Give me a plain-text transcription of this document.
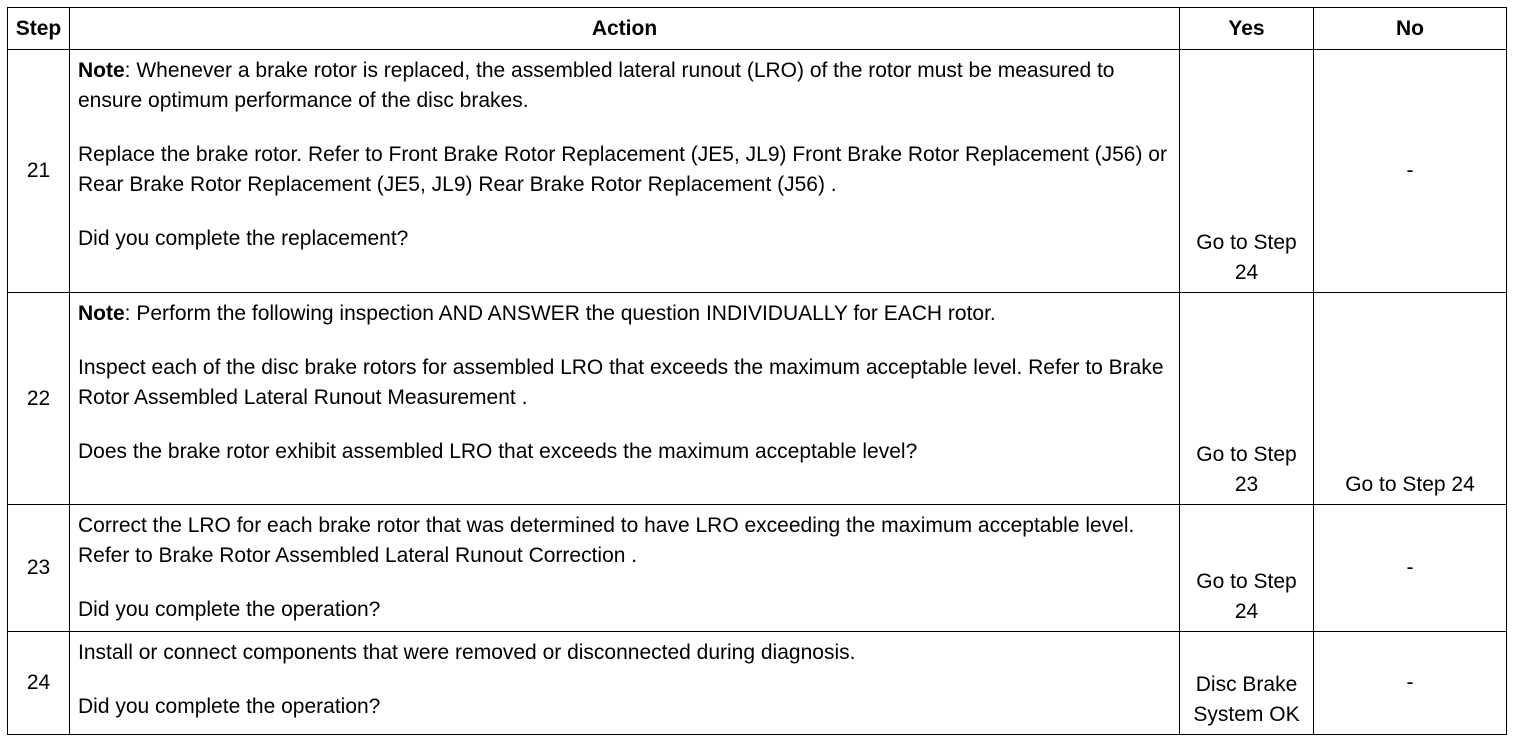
Step	Action	Yes	No
21	Note: Whenever a brake rotor is replaced, the assembled lateral runout (LRO) of the rotor must be measured to ensure optimum performance of the disc brakes.

Replace the brake rotor. Refer to Front Brake Rotor Replacement (JE5, JL9) Front Brake Rotor Replacement (J56) or Rear Brake Rotor Replacement (JE5, JL9) Rear Brake Rotor Replacement (J56) .

Did you complete the replacement?	Go to Step 24	-
22	Note: Perform the following inspection AND ANSWER the question INDIVIDUALLY for EACH rotor.

Inspect each of the disc brake rotors for assembled LRO that exceeds the maximum acceptable level. Refer to Brake Rotor Assembled Lateral Runout Measurement .

Does the brake rotor exhibit assembled LRO that exceeds the maximum acceptable level?	Go to Step 23	Go to Step 24
23	Correct the LRO for each brake rotor that was determined to have LRO exceeding the maximum acceptable level. Refer to Brake Rotor Assembled Lateral Runout Correction .

Did you complete the operation?	Go to Step 24	-
24	Install or connect components that were removed or disconnected during diagnosis.

Did you complete the operation?	Disc Brake System OK	-
